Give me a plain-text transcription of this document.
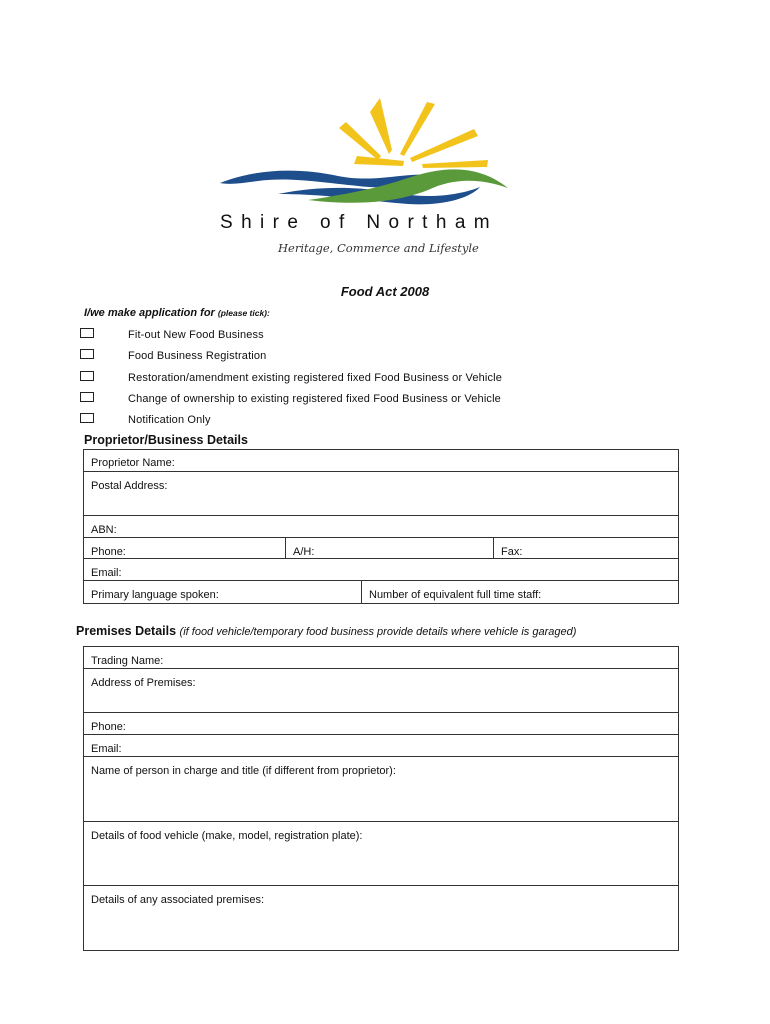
Shire of Northam
Heritage, Commerce and Lifestyle
Food Act 2008
I/we make application for (please tick):
Fit-out New Food Business
Food Business Registration
Restoration/amendment existing registered fixed Food Business or Vehicle
Change of ownership to existing registered fixed Food Business or Vehicle
Notification Only
Proprietor/Business Details
Proprietor Name:
Postal Address:
ABN:
Phone:	A/H:	Fax:
Email:
Primary language spoken:	Number of equivalent full time staff:
Premises Details (if food vehicle/temporary food business provide details where vehicle is garaged)
Trading Name:
Address of Premises:
Phone:
Email:
Name of person in charge and title (if different from proprietor):
Details of food vehicle (make, model, registration plate):
Details of any associated premises:
